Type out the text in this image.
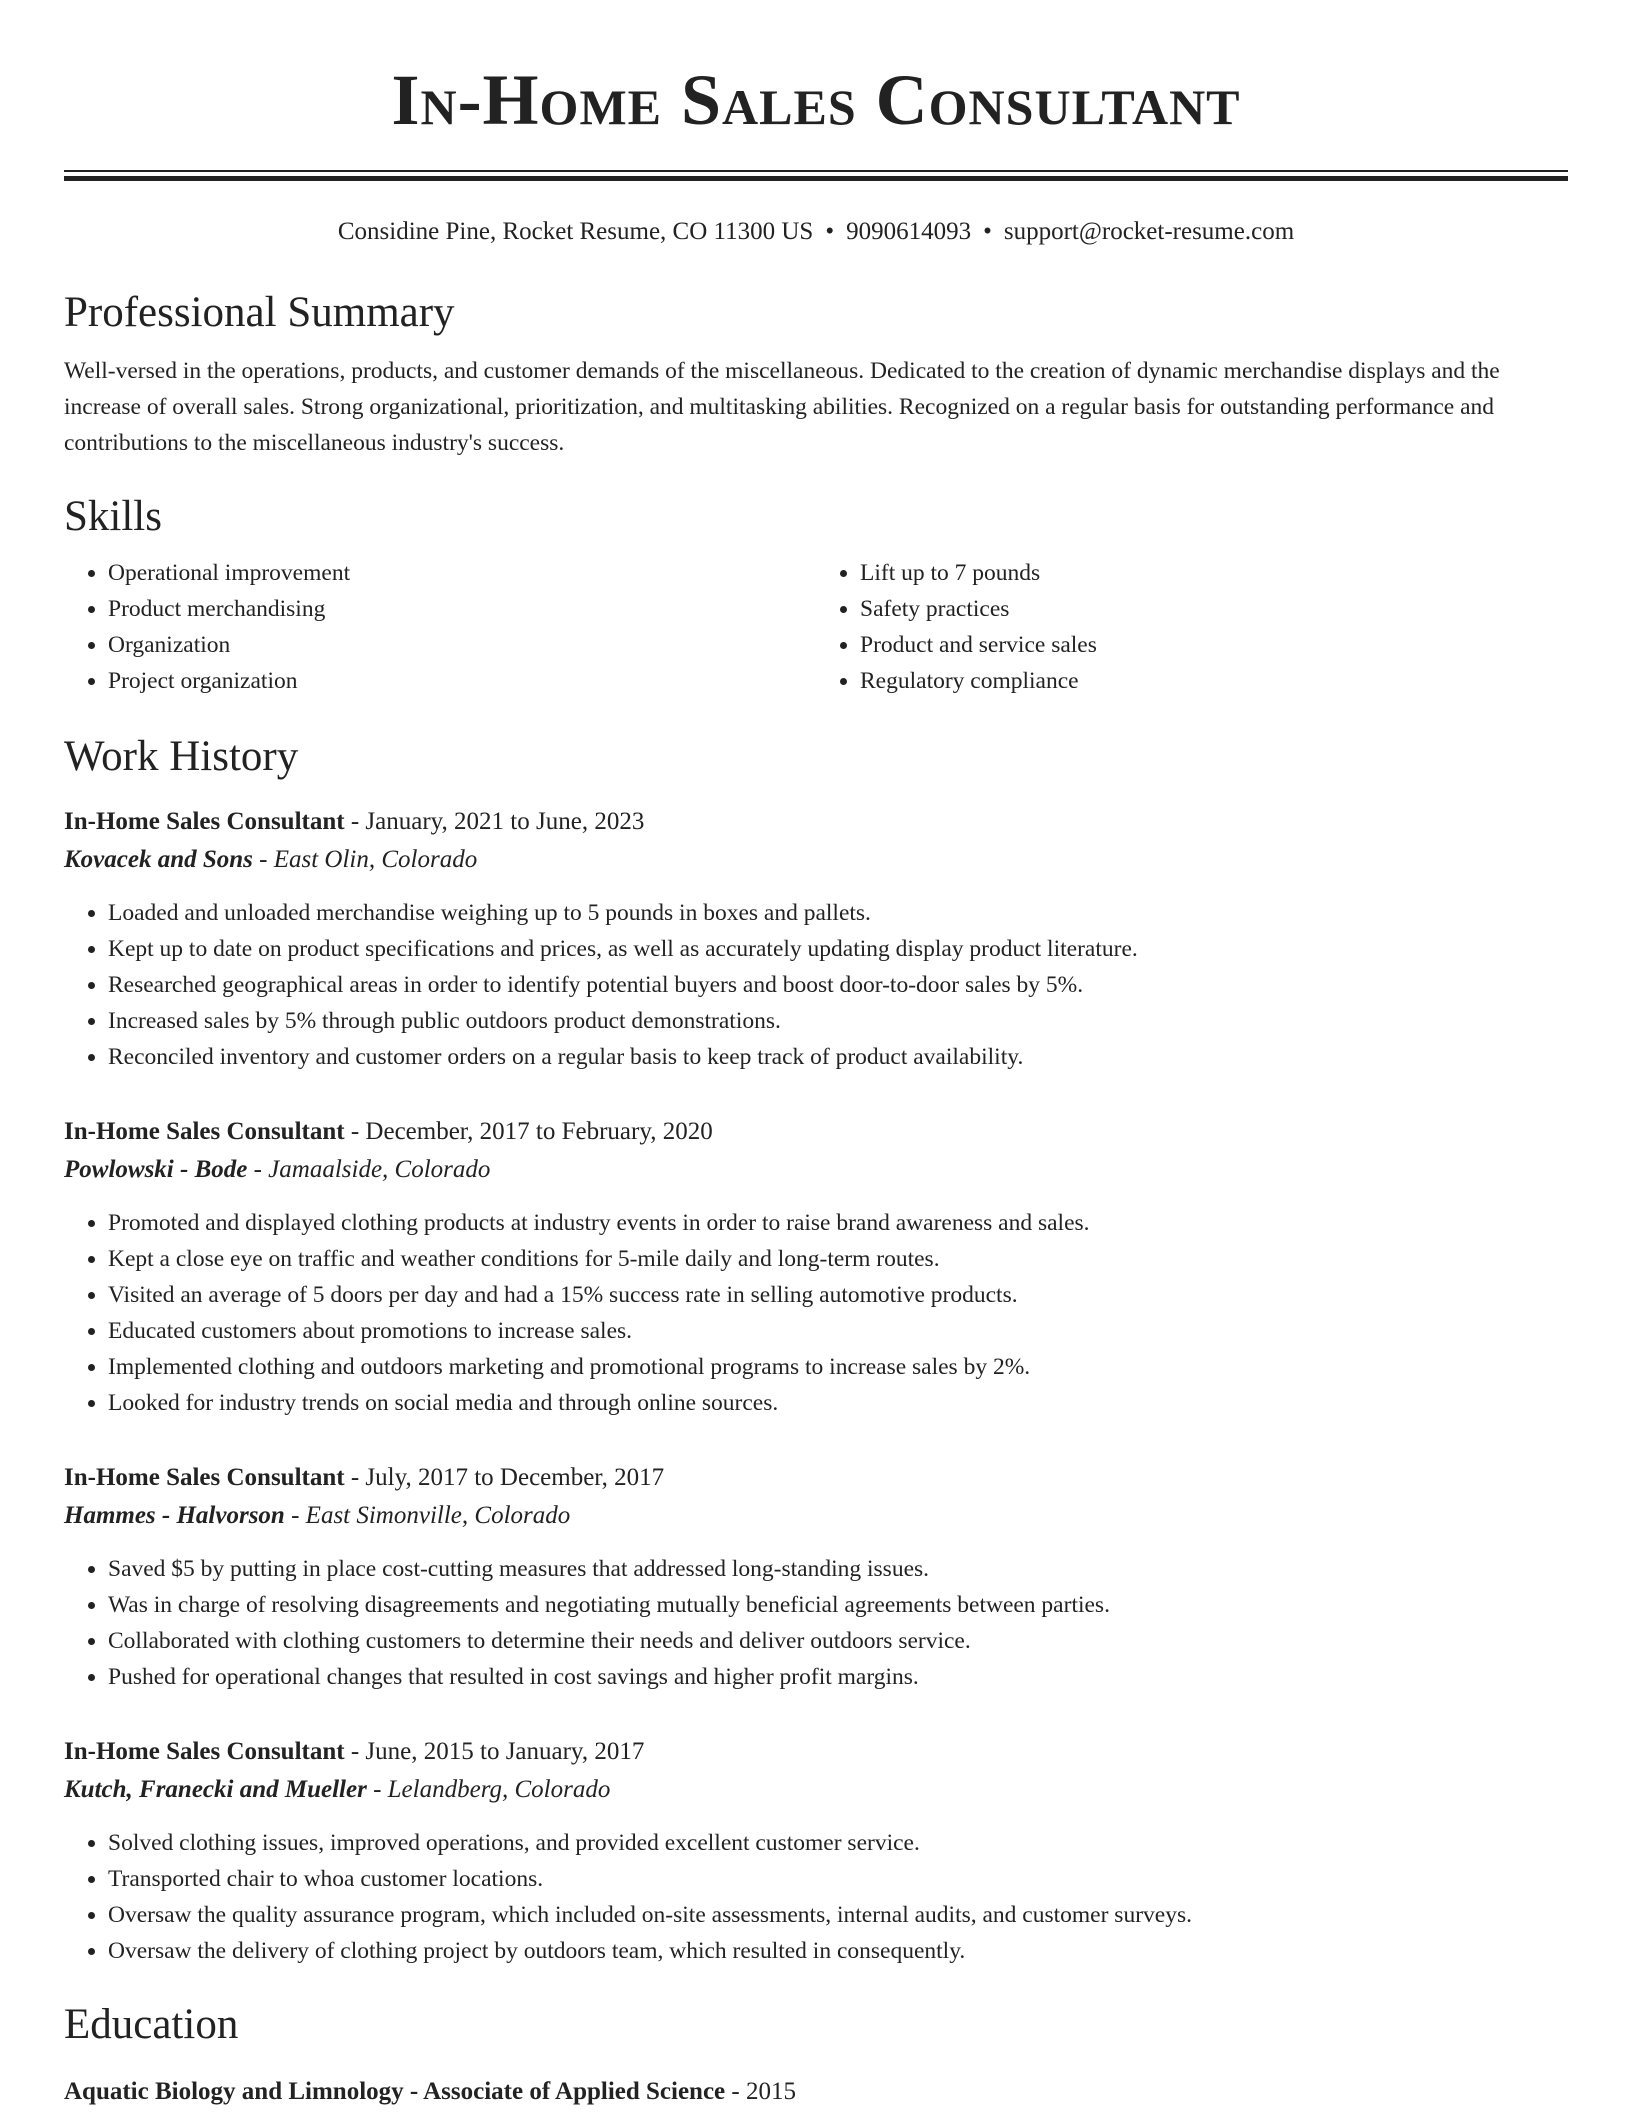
In-Home Sales Consultant
Considine Pine, Rocket Resume, CO 11300 US • 9090614093 • support@rocket-resume.com
Professional Summary

Well-versed in the operations, products, and customer demands of the miscellaneous. Dedicated to the creation of dynamic merchandise displays and the increase of overall sales. Strong organizational, prioritization, and multitasking abilities. Recognized on a regular basis for outstanding performance and contributions to the miscellaneous industry's success.

Skills
• Operational improvement
• Product merchandising
• Organization
• Project organization
• Lift up to 7 pounds
• Safety practices
• Product and service sales
• Regulatory compliance
Work History
In-Home Sales Consultant - January, 2021 to June, 2023
Kovacek and Sons - East Olin, Colorado
• Loaded and unloaded merchandise weighing up to 5 pounds in boxes and pallets.
• Kept up to date on product specifications and prices, as well as accurately updating display product literature.
• Researched geographical areas in order to identify potential buyers and boost door-to-door sales by 5%.
• Increased sales by 5% through public outdoors product demonstrations.
• Reconciled inventory and customer orders on a regular basis to keep track of product availability.
In-Home Sales Consultant - December, 2017 to February, 2020
Powlowski - Bode - Jamaalside, Colorado
• Promoted and displayed clothing products at industry events in order to raise brand awareness and sales.
• Kept a close eye on traffic and weather conditions for 5-mile daily and long-term routes.
• Visited an average of 5 doors per day and had a 15% success rate in selling automotive products.
• Educated customers about promotions to increase sales.
• Implemented clothing and outdoors marketing and promotional programs to increase sales by 2%.
• Looked for industry trends on social media and through online sources.
In-Home Sales Consultant - July, 2017 to December, 2017
Hammes - Halvorson - East Simonville, Colorado
• Saved $5 by putting in place cost-cutting measures that addressed long-standing issues.
• Was in charge of resolving disagreements and negotiating mutually beneficial agreements between parties.
• Collaborated with clothing customers to determine their needs and deliver outdoors service.
• Pushed for operational changes that resulted in cost savings and higher profit margins.
In-Home Sales Consultant - June, 2015 to January, 2017
Kutch, Franecki and Mueller - Lelandberg, Colorado
• Solved clothing issues, improved operations, and provided excellent customer service.
• Transported chair to whoa customer locations.
• Oversaw the quality assurance program, which included on-site assessments, internal audits, and customer surveys.
• Oversaw the delivery of clothing project by outdoors team, which resulted in consequently.
Education
Aquatic Biology and Limnology - Associate of Applied Science - 2015
